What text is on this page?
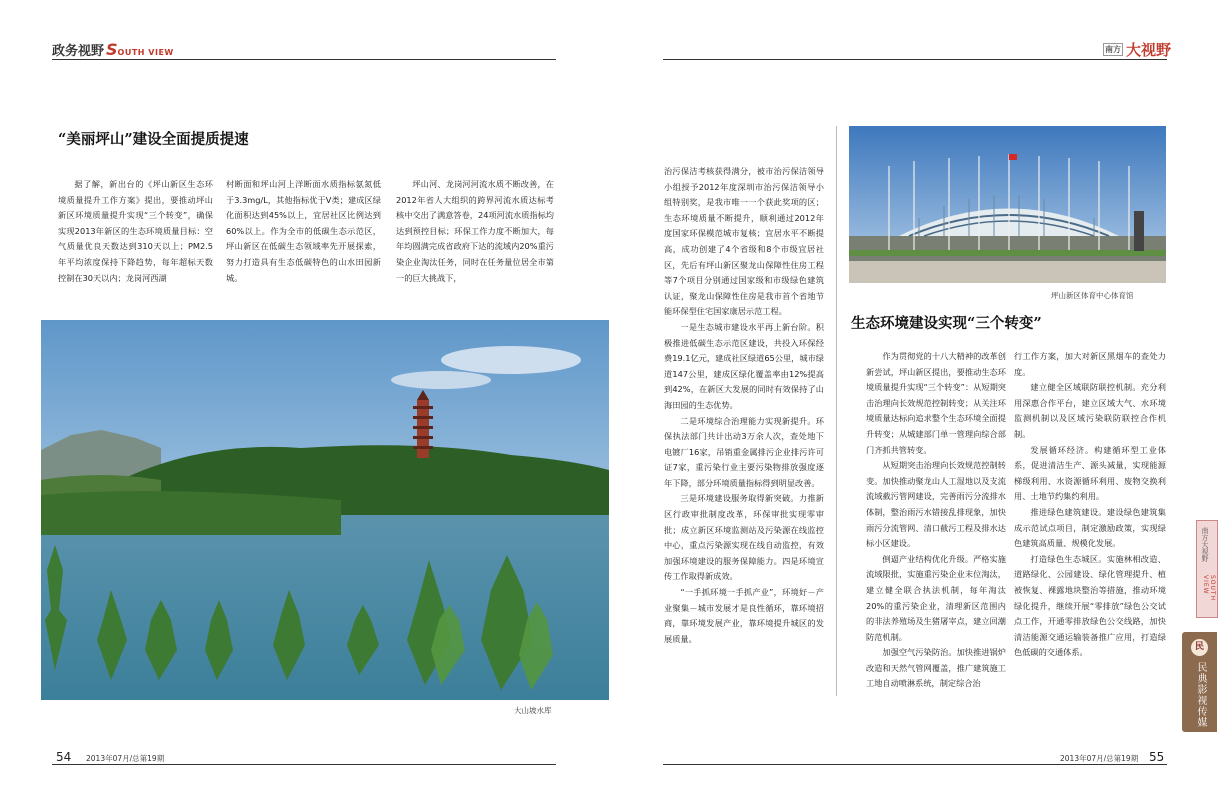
政务视野 S OUTH VIEW	南方 大视野
“美丽坪山”建设全面提质提速

据了解，新出台的《坪山新区生态环境质量提升工作方案》提出，要推动坪山新区环境质量提升实现“三个转变”，确保实现2013年新区的生态环境质量目标：空气质量优良天数达到310天以上；PM2.5年平均浓度保持下降趋势，每年超标天数控制在30天以内；龙岗河西湖

村断面和坪山河上洋断面水质指标氨氮低于3.3mg/L，其他指标优于V类；建成区绿化面积达到45%以上，宜居社区比例达到60%以上。作为全市的低碳生态示范区，坪山新区在低碳生态领域率先开展探索，努力打造具有生态低碳特色的山水田园新城。

坪山河、龙岗河河流水质不断改善，在2012年省人大组织的跨界河流水质达标考核中交出了满意答卷，24项河流水质指标均达到预控目标；环保工作力度不断加大，每年均圆满完成省政府下达的流域内20%重污染企业淘汰任务，同时在任务量位居全市第一的巨大挑战下，

大山坡水库

治污保洁考核获得满分，被市治污保洁领导小组授予2012年度深圳市治污保洁领导小组特别奖，是我市唯一一个获此奖项的区；生态环境质量不断提升，顺利通过2012年度国家环保模范城市复核；宜居水平不断提高，成功创建了4个省级和8个市级宜居社区，先后有坪山新区聚龙山保障性住房工程等7个项目分别通过国家级和市级绿色建筑认证，聚龙山保障性住房是我市首个省地节能环保型住宅国家康居示范工程。

一是生态城市建设水平再上新台阶。积极推进低碳生态示范区建设，共投入环保经费19.1亿元，建成社区绿道65公里，城市绿道147公里，建成区绿化覆盖率由12%提高到42%，在新区大发展的同时有效保持了山海田园的生态优势。

二是环境综合治理能力实现新提升。环保执法部门共计出动3万余人次，查处地下电镀厂16家，吊销重金属排污企业排污许可证7家，重污染行业主要污染物排放强度逐年下降，部分环境质量指标得到明显改善。

三是环境建设服务取得新突破。力推新区行政审批制度改革，环保审批实现零审批；成立新区环境监测站及污染源在线监控中心，重点污染源实现在线自动监控，有效加强环境建设的服务保障能力。四是环境宣传工作取得新成效。

“一手抓环境一手抓产业”，环境好－产业聚集－城市发展才是良性循环，靠环境招商，靠环境发展产业，靠环境提升城区的发展质量。

坪山新区体育中心体育馆
生态环境建设实现“三个转变”

作为贯彻党的十八大精神的改革创新尝试，坪山新区提出，要推动生态环境质量提升实现“三个转变”：从短期突击治理向长效规范控制转变；从关注环境质量达标向追求整个生态环境全面提升转变；从城建部门单一管理向综合部门齐抓共管转变。

从短期突击治理向长效规范控制转变。加快推动聚龙山人工湿地以及支流流域截污管网建设，完善雨污分流排水体制，整治雨污水错接乱排现象，加快雨污分流管网、清口截污工程及排水达标小区建设。

倒逼产业结构优化升级。严格实施流域限批，实施重污染企业末位淘汰，建立健全联合执法机制，每年淘汰20%的重污染企业，清理新区范围内的非法养殖场及生猪屠宰点，建立回潮防范机制。

加强空气污染防治。加快推进锅炉改造和天然气管网覆盖，推广建筑施工工地自动喷淋系统，制定综合治

行工作方案，加大对新区黑烟车的查处力度。

建立健全区域联防联控机制。充分利用深惠合作平台，建立区域大气、水环境监测机制以及区域污染联防联控合作机制。

发展循环经济。构建循环型工业体系，促进清洁生产、源头减量，实现能源梯级利用、水资源循环利用、废物交换利用、土地节约集约利用。

推进绿色建筑建设。建设绿色建筑集成示范试点项目，制定激励政策，实现绿色建筑高质量、规模化发展。

打造绿色生态城区。实施林相改造、道路绿化、公园建设、绿化管理提升、植被恢复、裸露地块整治等措施，推动环境绿化提升，继续开展“零排放”绿色公交试点工作，开通零排放绿色公交线路，加快清洁能源交通运输装备推广应用，打造绿色低碳的交通体系。

南方大视野
SOUTH VIEW
民
民典影视传媒
54 2013年07月/总第19期	2013年07月/总第19期 55
